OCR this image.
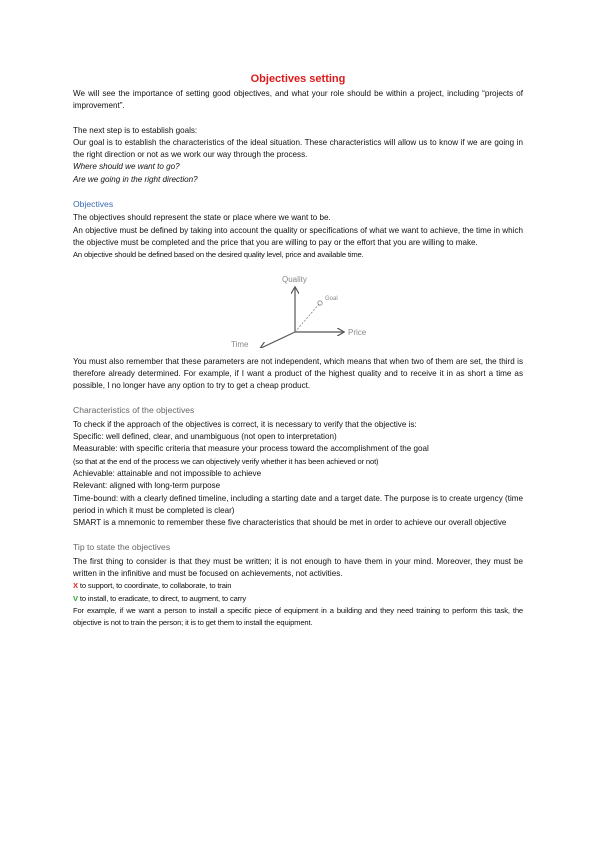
Objectives setting

We will see the importance of setting good objectives, and what your role should be within a project, including “projects of improvement”.

The next step is to establish goals:

Our goal is to establish the characteristics of the ideal situation. These characteristics will allow us to know if we are going in the right direction or not as we work our way through the process.

Where should we want to go?

Are we going in the right direction?

Objectives

The objectives should represent the state or place where we want to be.

An objective must be defined by taking into account the quality or specifications of what we want to achieve, the time in which the objective must be completed and the price that you are willing to pay or the effort that you are willing to make.

An objective should be defined based on the desired quality level, price and available time.

Quality
Goal
Price
Time

You must also remember that these parameters are not independent, which means that when two of them are set, the third is therefore already determined. For example, if I want a product of the highest quality and to receive it in as short a time as possible, I no longer have any option to try to get a cheap product.

Characteristics of the objectives

To check if the approach of the objectives is correct, it is necessary to verify that the objective is:

Specific: well defined, clear, and unambiguous (not open to interpretation)

Measurable: with specific criteria that measure your process toward the accomplishment of the goal

(so that at the end of the process we can objectively verify whether it has been achieved or not)

Achievable: attainable and not impossible to achieve

Relevant: aligned with long-term purpose

Time-bound: with a clearly defined timeline, including a starting date and a target date. The purpose is to create urgency (time period in which it must be completed is clear)

SMART is a mnemonic to remember these five characteristics that should be met in order to achieve our overall objective

Tip to state the objectives

The first thing to consider is that they must be written; it is not enough to have them in your mind. Moreover, they must be written in the infinitive and must be focused on achievements, not activities.

X to support, to coordinate, to collaborate, to train

V to install, to eradicate, to direct, to augment, to carry

For example, if we want a person to install a specific piece of equipment in a building and they need training to perform this task, the objective is not to train the person; it is to get them to install the equipment.
